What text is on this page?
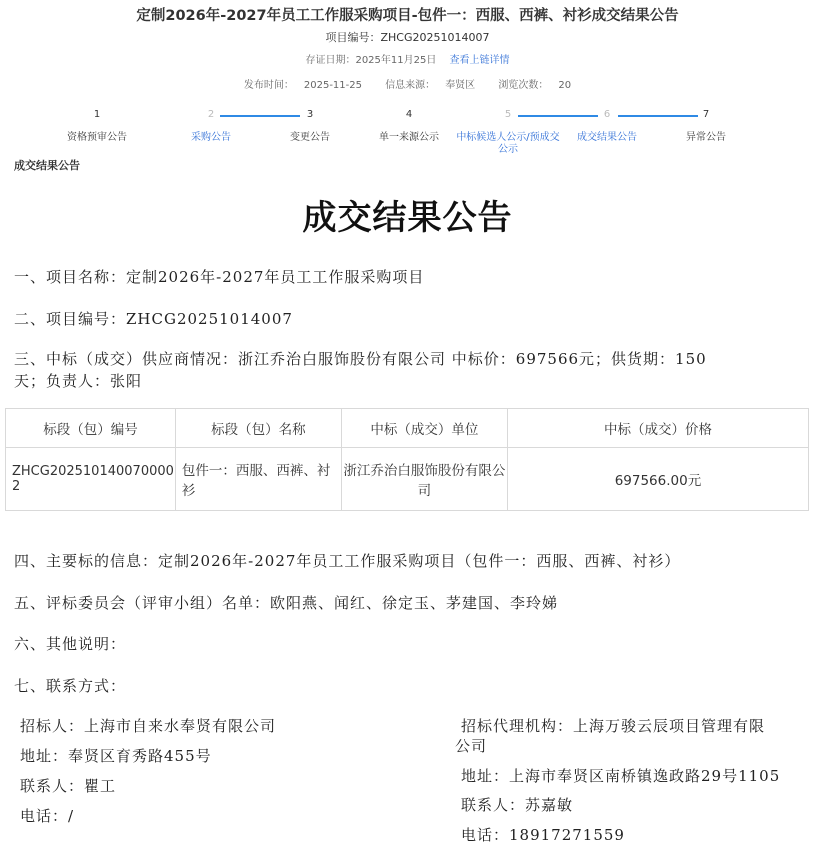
定制2026年-2027年员工工作服采购项目-包件一：西服、西裤、衬衫成交结果公告
项目编号：ZHCG20251014007
存证日期：2025年11月25日 查看上链详情
发布时间： 2025-11-25 信息来源： 奉贤区 浏览次数： 20
1
资格预审公告
2
采购公告
3
变更公告
4
单一来源公示
5
中标候选人公示/预成交公示
6
成交结果公告
7
异常公告
成交结果公告
成交结果公告
一、项目名称：定制2026年-2027年员工工作服采购项目
二、项目编号：ZHCG20251014007
三、中标（成交）供应商情况：浙江乔治白服饰股份有限公司 中标价：697566元；供货期：150
天；负责人：张阳
标段（包）编号	标段（包）名称	中标（成交）单位	中标（成交）价格
ZHCG202510140070000​2	包件一：西服、西裤、衬衫	浙江乔治白服饰股份有限公司	697566.00元
四、主要标的信息：定制2026年-2027年员工工作服采购项目（包件一：西服、西裤、衬衫）
五、评标委员会（评审小组）名单：欧阳燕、闻红、徐定玉、茅建国、李玲娣
六、其他说明：
七、联系方式：
招标人：上海市自来水奉贤有限公司
地址：奉贤区育秀路455号
联系人：瞿工
电话：/
招标代理机构：上海万骏云辰项目管理有限
公司
地址：上海市奉贤区南桥镇逸政路29号1105
联系人：苏嘉敏
电话：18917271559
